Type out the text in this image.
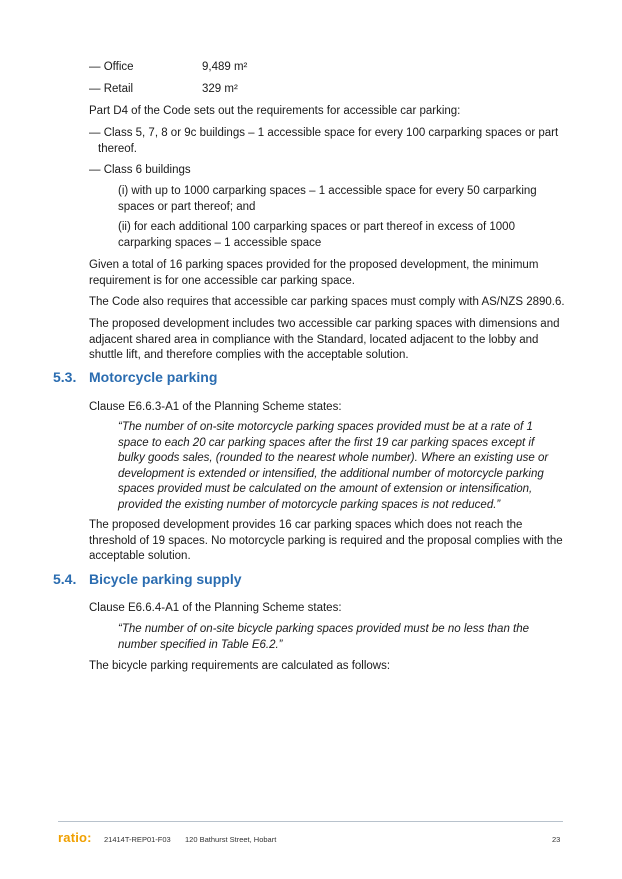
— Office	9,489 m²
— Retail	329 m²

Part D4 of the Code sets out the requirements for accessible car parking:

— Class 5, 7, 8 or 9c buildings – 1 accessible space for every 100 carparking spaces or part thereof.

— Class 6 buildings

(i) with up to 1000 carparking spaces – 1 accessible space for every 50 carparking spaces or part thereof; and

(ii) for each additional 100 carparking spaces or part thereof in excess of 1000 carparking spaces – 1 accessible space

Given a total of 16 parking spaces provided for the proposed development, the minimum requirement is for one accessible car parking space.

The Code also requires that accessible car parking spaces must comply with AS/NZS 2890.6.

The proposed development includes two accessible car parking spaces with dimensions and adjacent shared area in compliance with the Standard, located adjacent to the lobby and shuttle lift, and therefore complies with the acceptable solution.

5.3. Motorcycle parking

Clause E6.6.3-A1 of the Planning Scheme states:

“The number of on-site motorcycle parking spaces provided must be at a rate of 1 space to each 20 car parking spaces after the first 19 car parking spaces except if bulky goods sales, (rounded to the nearest whole number). Where an existing use or development is extended or intensified, the additional number of motorcycle parking spaces provided must be calculated on the amount of extension or intensification, provided the existing number of motorcycle parking spaces is not reduced.”

The proposed development provides 16 car parking spaces which does not reach the threshold of 19 spaces. No motorcycle parking is required and the proposal complies with the acceptable solution.

5.4. Bicycle parking supply

Clause E6.6.4-A1 of the Planning Scheme states:

“The number of on-site bicycle parking spaces provided must be no less than the number specified in Table E6.2.”

The bicycle parking requirements are calculated as follows:

ratio: 21414T-REP01-F03 120 Bathurst Street, Hobart	23
